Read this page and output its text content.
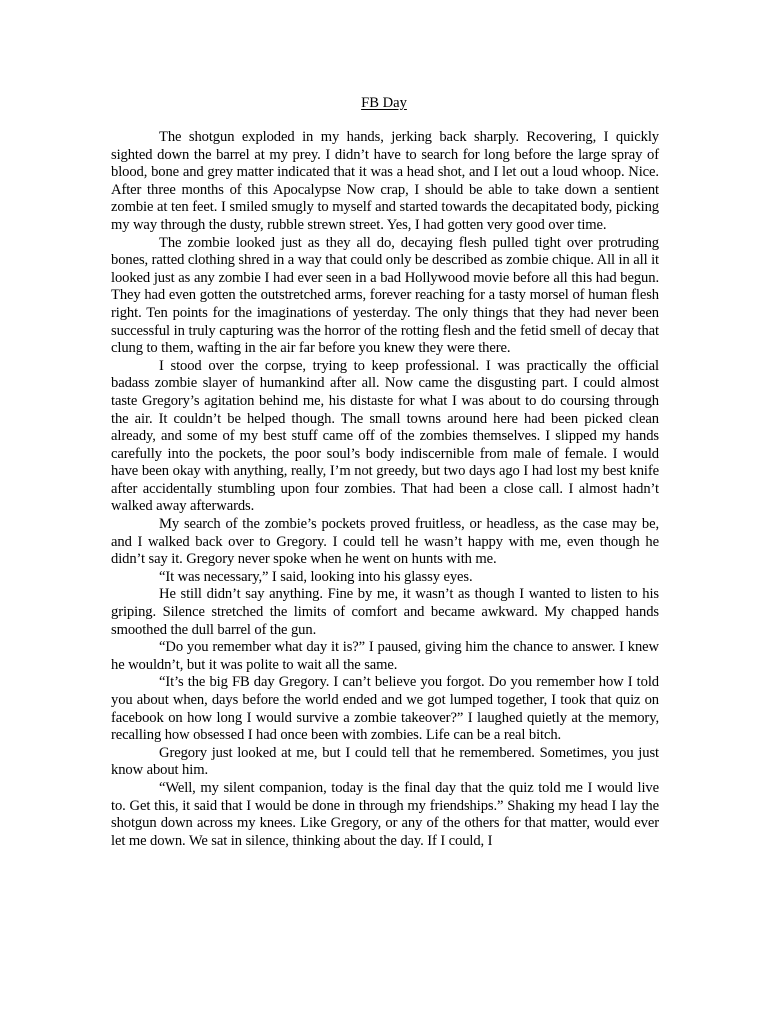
FB Day

The shotgun exploded in my hands, jerking back sharply. Recovering, I quickly sighted down the barrel at my prey. I didn’t have to search for long before the large spray of blood, bone and grey matter indicated that it was a head shot, and I let out a loud whoop. Nice. After three months of this Apocalypse Now crap, I should be able to take down a sentient zombie at ten feet. I smiled smugly to myself and started towards the decapitated body, picking my way through the dusty, rubble strewn street. Yes, I had gotten very good over time.

The zombie looked just as they all do, decaying flesh pulled tight over protruding bones, ratted clothing shred in a way that could only be described as zombie chique. All in all it looked just as any zombie I had ever seen in a bad Hollywood movie before all this had begun. They had even gotten the outstretched arms, forever reaching for a tasty morsel of human flesh right. Ten points for the imaginations of yesterday. The only things that they had never been successful in truly capturing was the horror of the rotting flesh and the fetid smell of decay that clung to them, wafting in the air far before you knew they were there.

I stood over the corpse, trying to keep professional. I was practically the official badass zombie slayer of humankind after all. Now came the disgusting part. I could almost taste Gregory’s agitation behind me, his distaste for what I was about to do coursing through the air. It couldn’t be helped though. The small towns around here had been picked clean already, and some of my best stuff came off of the zombies themselves. I slipped my hands carefully into the pockets, the poor soul’s body indiscernible from male of female. I would have been okay with anything, really, I’m not greedy, but two days ago I had lost my best knife after accidentally stumbling upon four zombies. That had been a close call. I almost hadn’t walked away afterwards.

My search of the zombie’s pockets proved fruitless, or headless, as the case may be, and I walked back over to Gregory. I could tell he wasn’t happy with me, even though he didn’t say it. Gregory never spoke when he went on hunts with me.

“It was necessary,” I said, looking into his glassy eyes.

He still didn’t say anything. Fine by me, it wasn’t as though I wanted to listen to his griping. Silence stretched the limits of comfort and became awkward. My chapped hands smoothed the dull barrel of the gun.

“Do you remember what day it is?” I paused, giving him the chance to answer. I knew he wouldn’t, but it was polite to wait all the same.

“It’s the big FB day Gregory. I can’t believe you forgot. Do you remember how I told you about when, days before the world ended and we got lumped together, I took that quiz on facebook on how long I would survive a zombie takeover?” I laughed quietly at the memory, recalling how obsessed I had once been with zombies. Life can be a real bitch.

Gregory just looked at me, but I could tell that he remembered. Sometimes, you just know about him.

“Well, my silent companion, today is the final day that the quiz told me I would live to. Get this, it said that I would be done in through my friendships.” Shaking my head I lay the shotgun down across my knees. Like Gregory, or any of the others for that matter, would ever let me down. We sat in silence, thinking about the day. If I could, I
